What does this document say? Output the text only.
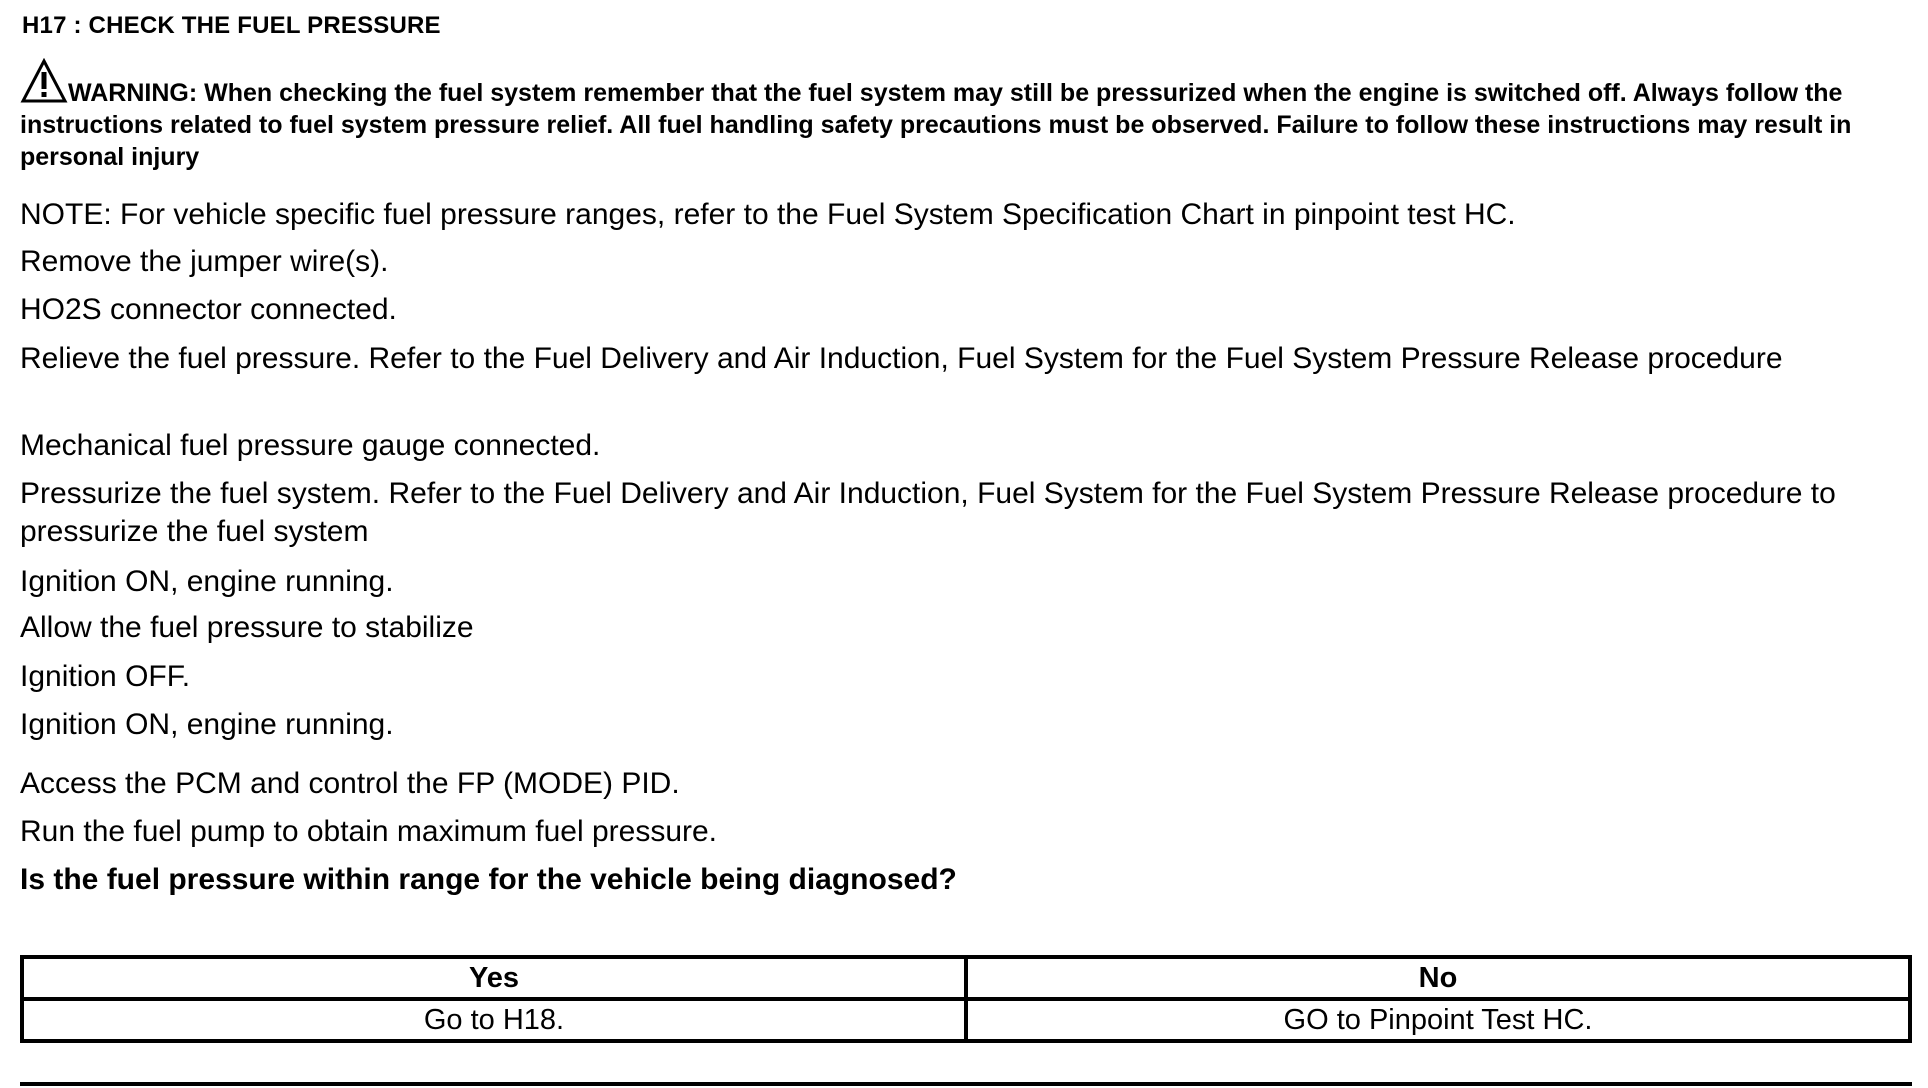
H17 : CHECK THE FUEL PRESSURE
WARNING: When checking the fuel system remember that the fuel system may still be pressurized when the engine is switched off. Always follow the instructions related to fuel system pressure relief. All fuel handling safety precautions must be observed. Failure to follow these instructions may result in personal injury
NOTE: For vehicle specific fuel pressure ranges, refer to the Fuel System Specification Chart in pinpoint test HC.
Remove the jumper wire(s).
HO2S connector connected.
Relieve the fuel pressure. Refer to the Fuel Delivery and Air Induction, Fuel System for the Fuel System Pressure Release procedure
Mechanical fuel pressure gauge connected.
Pressurize the fuel system. Refer to the Fuel Delivery and Air Induction, Fuel System for the Fuel System Pressure Release procedure to pressurize the fuel system
Ignition ON, engine running.
Allow the fuel pressure to stabilize
Ignition OFF.
Ignition ON, engine running.
Access the PCM and control the FP (MODE) PID.
Run the fuel pump to obtain maximum fuel pressure.
Is the fuel pressure within range for the vehicle being diagnosed?
Yes	No
Go to H18.	GO to Pinpoint Test HC.
